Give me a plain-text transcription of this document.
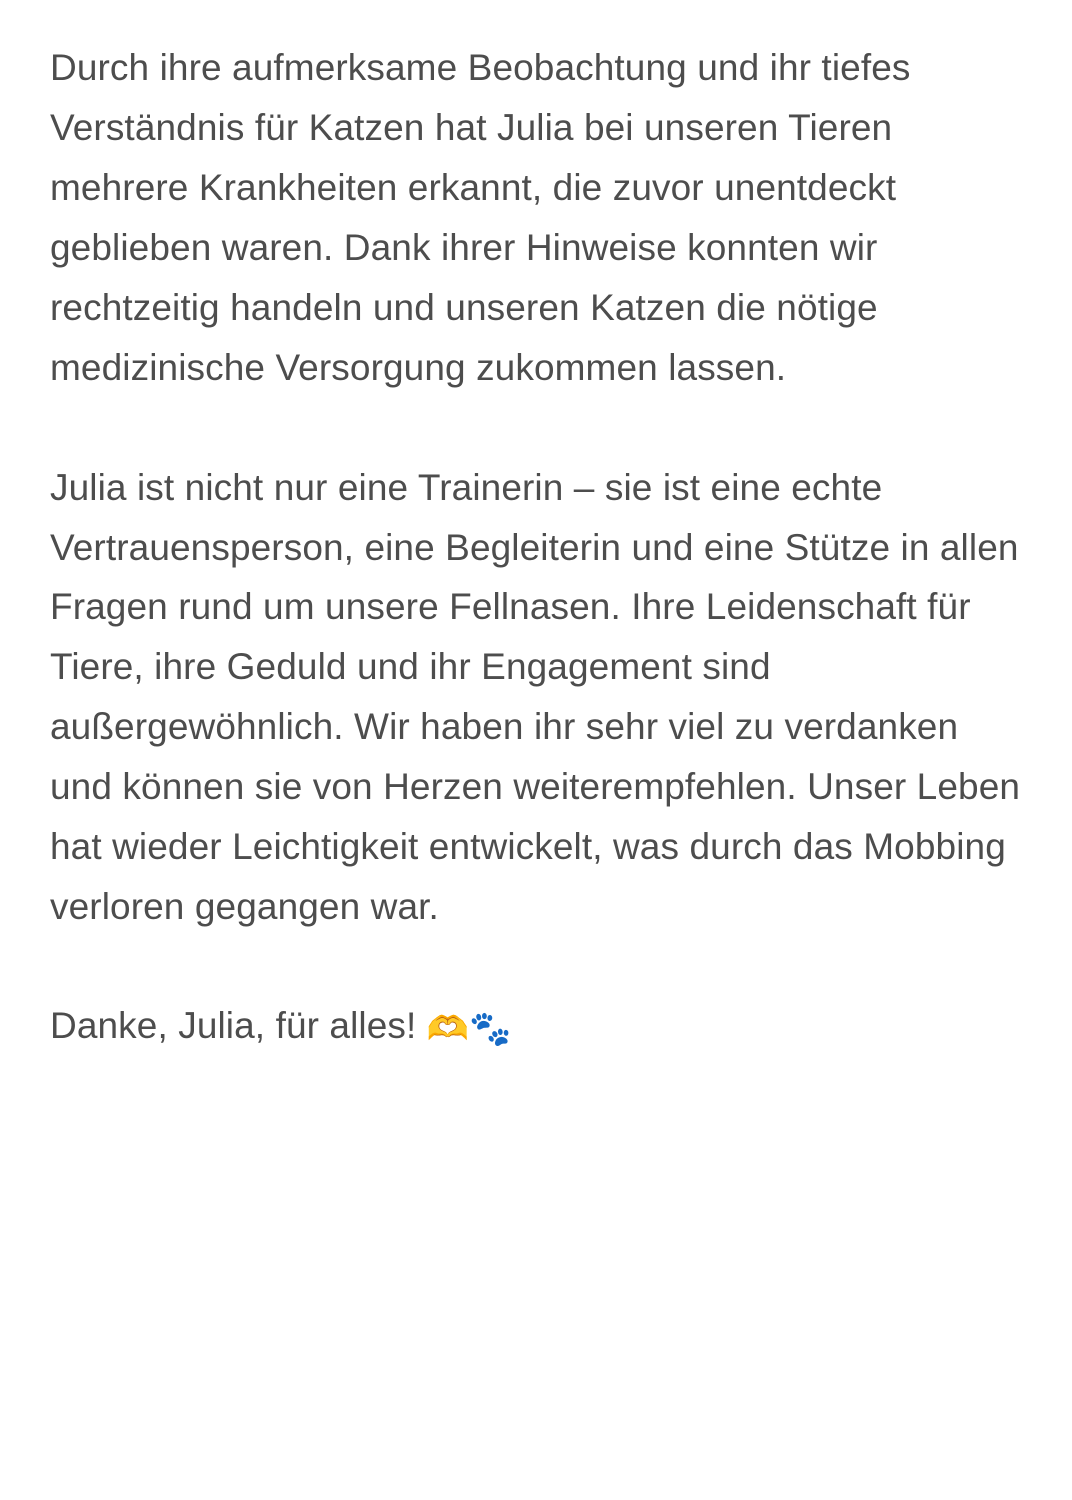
Durch ihre aufmerksame Beobachtung und ihr tiefes Verständnis für Katzen hat Julia bei unseren Tieren mehrere Krankheiten erkannt, die zuvor unentdeckt geblieben waren. Dank ihrer Hinweise konnten wir rechtzeitig handeln und unseren Katzen die nötige medizinische Versorgung zukommen lassen.

Julia ist nicht nur eine Trainerin – sie ist eine echte Vertrauensperson, eine Begleiterin und eine Stütze in allen Fragen rund um unsere Fellnasen. Ihre Leidenschaft für Tiere, ihre Geduld und ihr Engagement sind außergewöhnlich. Wir haben ihr sehr viel zu verdanken und können sie von Herzen weiterempfehlen. Unser Leben hat wieder Leichtigkeit entwickelt, was durch das Mobbing verloren gegangen war.

Danke, Julia, für alles! 🫶🐾
